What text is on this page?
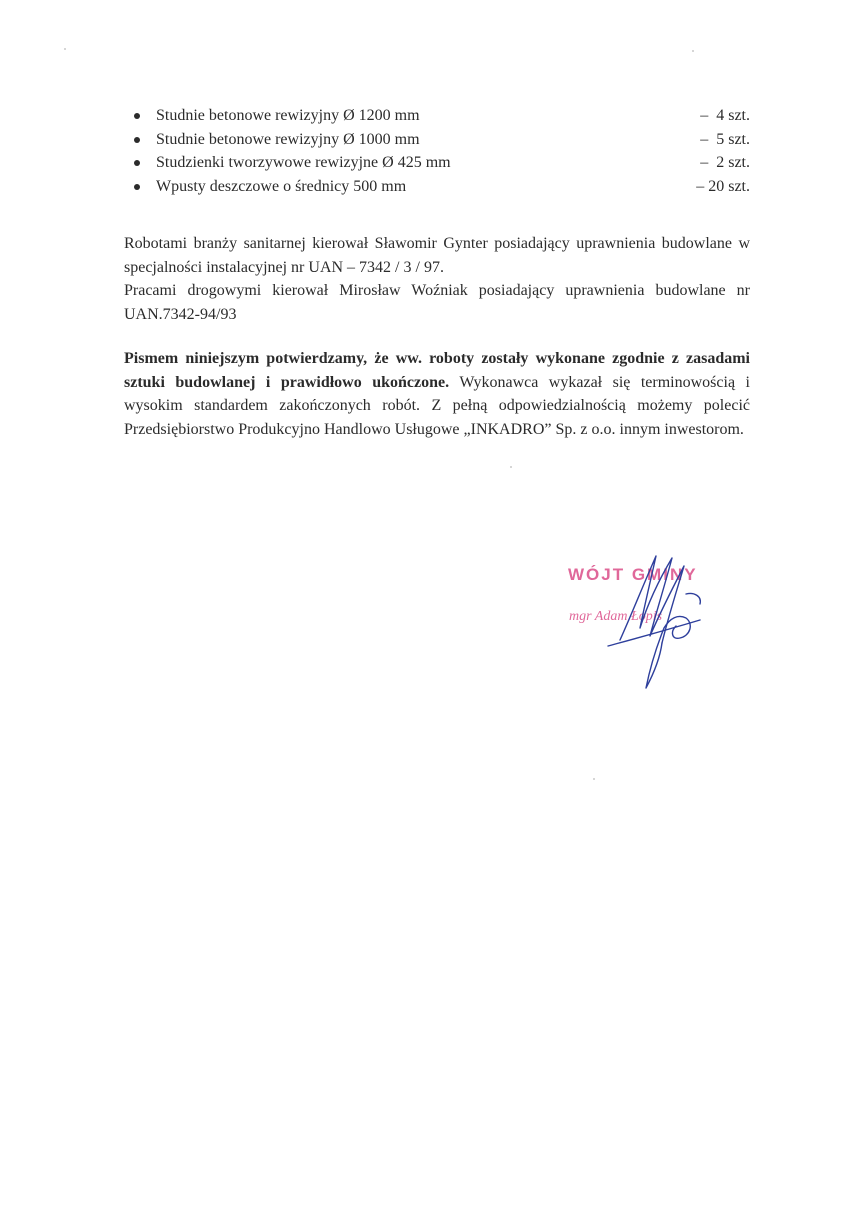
Studnie betonowe rewizyjny Ø 1200 mm	–  4 szt.
Studnie betonowe rewizyjny Ø 1000 mm	–  5 szt.
Studzienki tworzywowe rewizyjne Ø 425 mm	–  2 szt.
Wpusty deszczowe o średnicy 500 mm	– 20 szt.

Robotami branży sanitarnej kierował Sławomir Gynter posiadający uprawnienia budowlane w specjalności instalacyjnej nr UAN – 7342 / 3 / 97.

Pracami drogowymi kierował Mirosław Woźniak posiadający uprawnienia budowlane nr UAN.7342-94/93

Pismem niniejszym potwierdzamy, że ww. roboty zostały wykonane zgodnie z zasadami sztuki budowlanej i prawidłowo ukończone. Wykonawca wykazał się terminowością i wysokim standardem zakończonych robót. Z pełną odpowiedzialnością możemy polecić Przedsiębiorstwo Produkcyjno Handlowo Usługowe „INKADRO” Sp. z o.o. innym inwestorom.

WÓJT GMINY
mgr Adam Łopis
